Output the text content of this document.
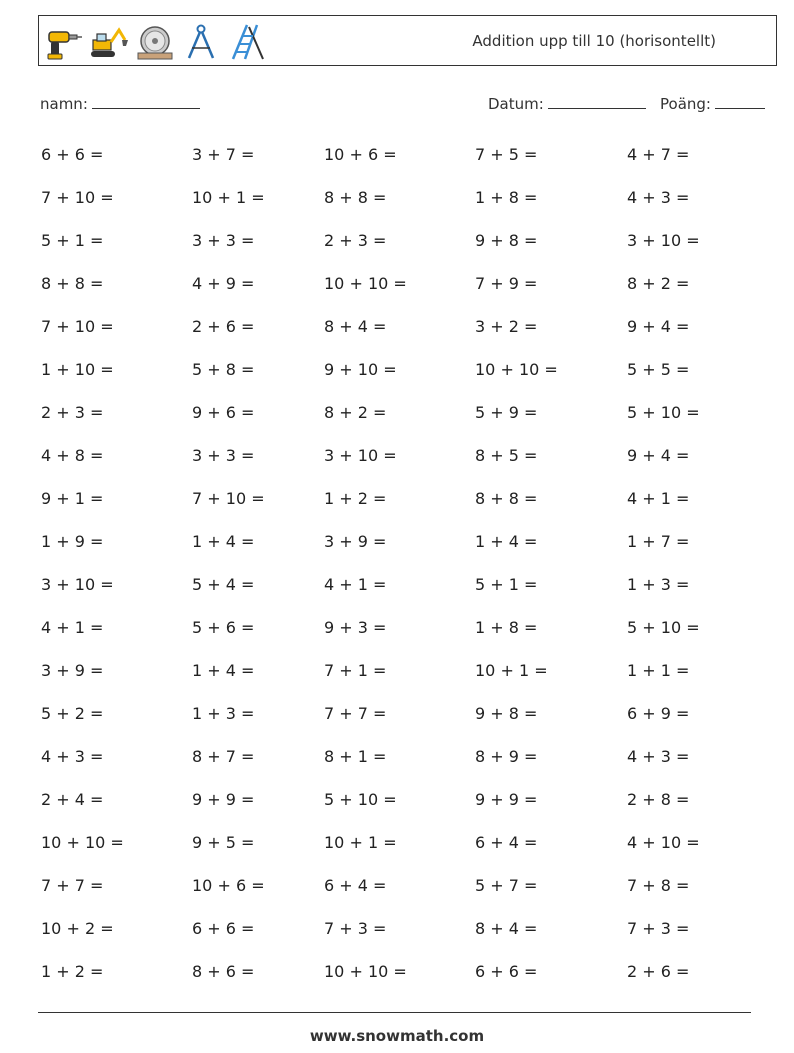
Addition upp till 10 (horisontellt)
namn:	Datum:	Poäng:
6 + 6 =	3 + 7 =	10 + 6 =	7 + 5 =	4 + 7 =
7 + 10 =	10 + 1 =	8 + 8 =	1 + 8 =	4 + 3 =
5 + 1 =	3 + 3 =	2 + 3 =	9 + 8 =	3 + 10 =
8 + 8 =	4 + 9 =	10 + 10 =	7 + 9 =	8 + 2 =
7 + 10 =	2 + 6 =	8 + 4 =	3 + 2 =	9 + 4 =
1 + 10 =	5 + 8 =	9 + 10 =	10 + 10 =	5 + 5 =
2 + 3 =	9 + 6 =	8 + 2 =	5 + 9 =	5 + 10 =
4 + 8 =	3 + 3 =	3 + 10 =	8 + 5 =	9 + 4 =
9 + 1 =	7 + 10 =	1 + 2 =	8 + 8 =	4 + 1 =
1 + 9 =	1 + 4 =	3 + 9 =	1 + 4 =	1 + 7 =
3 + 10 =	5 + 4 =	4 + 1 =	5 + 1 =	1 + 3 =
4 + 1 =	5 + 6 =	9 + 3 =	1 + 8 =	5 + 10 =
3 + 9 =	1 + 4 =	7 + 1 =	10 + 1 =	1 + 1 =
5 + 2 =	1 + 3 =	7 + 7 =	9 + 8 =	6 + 9 =
4 + 3 =	8 + 7 =	8 + 1 =	8 + 9 =	4 + 3 =
2 + 4 =	9 + 9 =	5 + 10 =	9 + 9 =	2 + 8 =
10 + 10 =	9 + 5 =	10 + 1 =	6 + 4 =	4 + 10 =
7 + 7 =	10 + 6 =	6 + 4 =	5 + 7 =	7 + 8 =
10 + 2 =	6 + 6 =	7 + 3 =	8 + 4 =	7 + 3 =
1 + 2 =	8 + 6 =	10 + 10 =	6 + 6 =	2 + 6 =
www.snowmath.com
